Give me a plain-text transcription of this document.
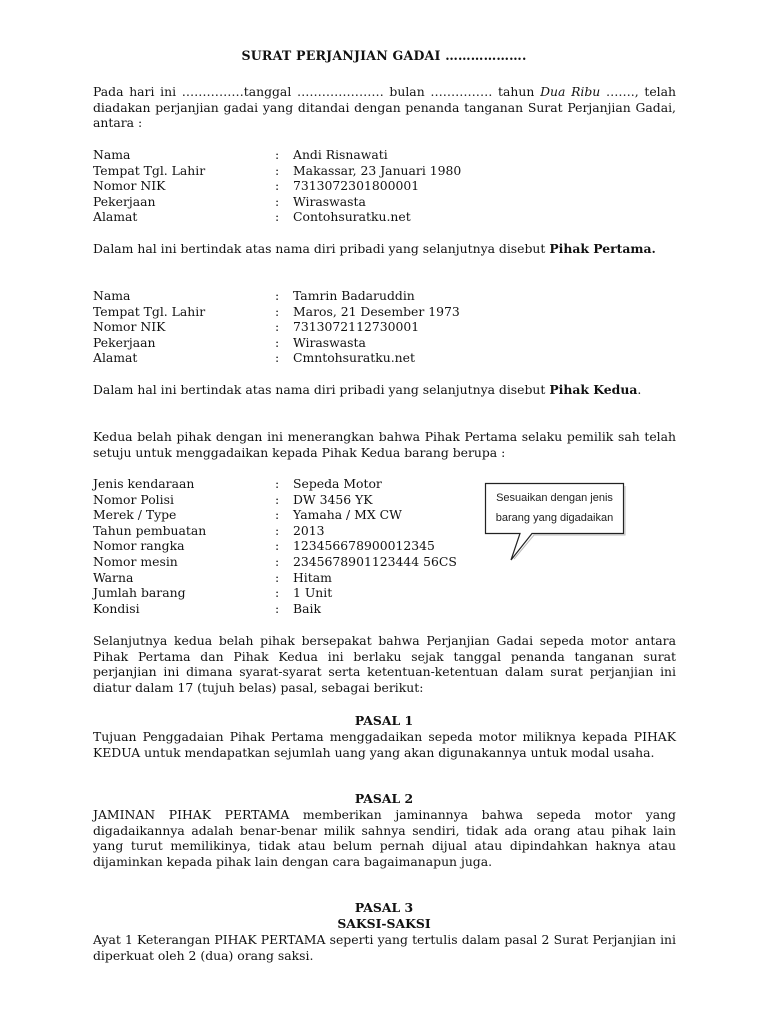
SURAT PERJANJIAN GADAI ……………….

Pada hari ini ……………tanggal ………………… bulan …………… tahun Dua Ribu ……., telah diadakan perjanjian gadai yang ditandai dengan penanda tanganan Surat Perjanjian Gadai, antara :

Nama	: Andi Risnawati
Tempat Tgl. Lahir	: Makassar, 23 Januari 1980
Nomor NIK	: 7313072301800001
Pekerjaan	: Wiraswasta
Alamat	: Contohsuratku.net

Dalam hal ini bertindak atas nama diri pribadi yang selanjutnya disebut Pihak Pertama.

Nama	: Tamrin Badaruddin
Tempat Tgl. Lahir	: Maros, 21 Desember 1973
Nomor NIK	: 7313072112730001
Pekerjaan	: Wiraswasta
Alamat	: Cmntohsuratku.net

Dalam hal ini bertindak atas nama diri pribadi yang selanjutnya disebut Pihak Kedua.

Kedua belah pihak dengan ini menerangkan bahwa Pihak Pertama selaku pemilik sah telah setuju untuk menggadaikan kepada Pihak Kedua barang berupa :

Jenis kendaraan	: Sepeda Motor
Nomor Polisi	: DW 3456 YK
Merek / Type	: Yamaha / MX CW
Tahun pembuatan	: 2013
Nomor rangka	: 123456678900012345
Nomor mesin	: 2345678901123444 56CS
Warna	: Hitam
Jumlah barang	: 1 Unit
Kondisi	: Baik
Sesuaikan dengan jenis
barang yang digadaikan

Selanjutnya kedua belah pihak bersepakat bahwa Perjanjian Gadai sepeda motor antara Pihak Pertama dan Pihak Kedua ini berlaku sejak tanggal penanda tanganan surat perjanjian ini dimana syarat-syarat serta ketentuan-ketentuan dalam surat perjanjian ini diatur dalam 17 (tujuh belas) pasal, sebagai berikut:

PASAL 1

Tujuan Penggadaian Pihak Pertama menggadaikan sepeda motor miliknya kepada PIHAK KEDUA untuk mendapatkan sejumlah uang yang akan digunakannya untuk modal usaha.

PASAL 2

JAMINAN PIHAK PERTAMA memberikan jaminannya bahwa sepeda motor yang digadaikannya adalah benar-benar milik sahnya sendiri, tidak ada orang atau pihak lain yang turut memilikinya, tidak atau belum pernah dijual atau dipindahkan haknya atau dijaminkan kepada pihak lain dengan cara bagaimanapun juga.

PASAL 3
SAKSI-SAKSI

Ayat 1 Keterangan PIHAK PERTAMA seperti yang tertulis dalam pasal 2 Surat Perjanjian ini diperkuat oleh 2 (dua) orang saksi.
